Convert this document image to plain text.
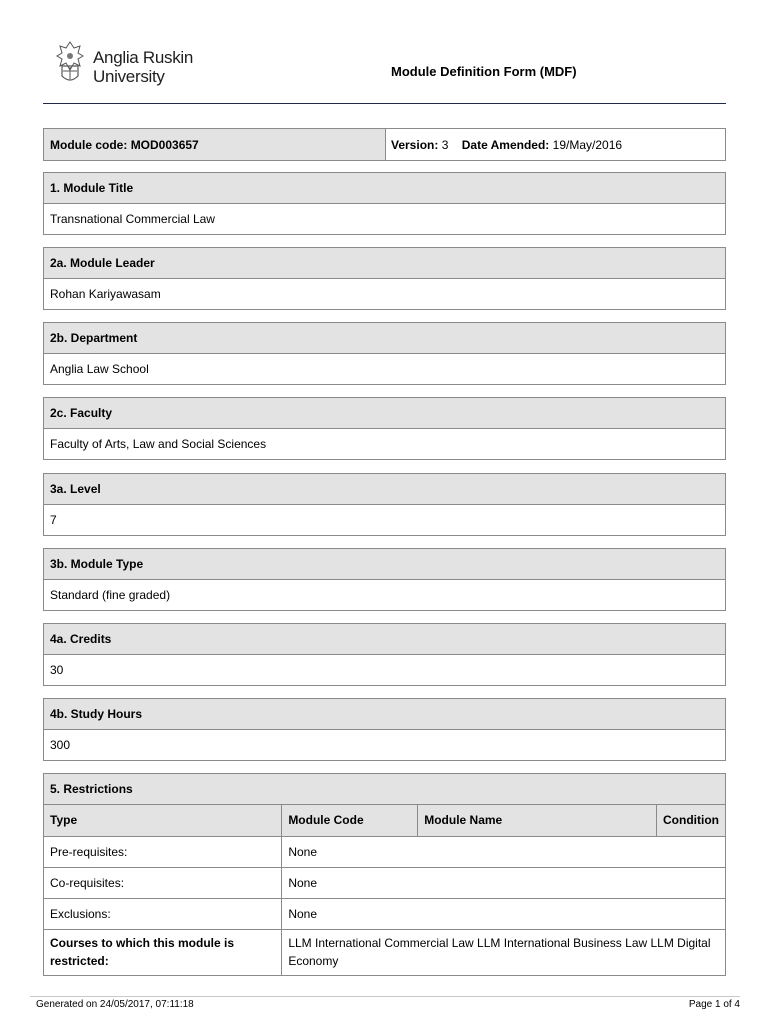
Anglia Ruskin
University	Module Definition Form (MDF)
Module code: MOD003657	Version: 3 Date Amended: 19/May/2016
1. Module Title
Transnational Commercial Law
2a. Module Leader
Rohan Kariyawasam
2b. Department
Anglia Law School
2c. Faculty
Faculty of Arts, Law and Social Sciences
3a. Level
7
3b. Module Type
Standard (fine graded)
4a. Credits
30
4b. Study Hours
300
5. Restrictions
Type	Module Code	Module Name	Condition
Pre-requisites:	None		
Co-requisites:	None		
Exclusions:	None		
Courses to which this module is restricted:	LLM International Commercial Law LLM International Business Law LLM Digital Economy		
Generated on 24/05/2017, 07:11:18	Page 1 of 4
